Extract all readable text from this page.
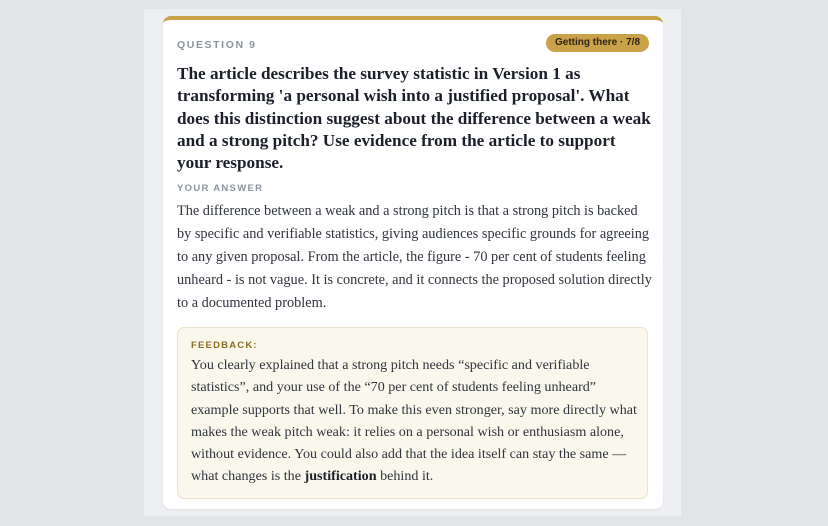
QUESTION 9	Getting there · 7/8

The article describes the survey statistic in Version 1 as transforming 'a personal wish into a justified proposal'. What does this distinction suggest about the difference between a weak and a strong pitch? Use evidence from the article to support your response.

YOUR ANSWER

The difference between a weak and a strong pitch is that a strong pitch is backed by specific and verifiable statistics, giving audiences specific grounds for agreeing to any given proposal. From the article, the figure - 70 per cent of students feeling unheard - is not vague. It is concrete, and it connects the proposed solution directly to a documented problem.

FEEDBACK:

You clearly explained that a strong pitch needs “specific and verifiable statistics”, and your use of the “70 per cent of students feeling unheard” example supports that well. To make this even stronger, say more directly what makes the weak pitch weak: it relies on a personal wish or enthusiasm alone, without evidence. You could also add that the idea itself can stay the same — what changes is the justification behind it.
